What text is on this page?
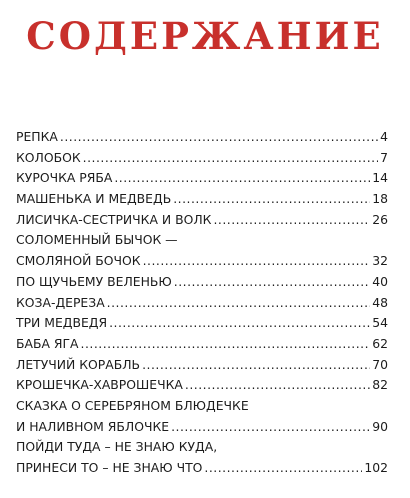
СОДЕРЖАНИЕ
РЕПКА .....	4
КОЛОБОК .....	7
КУРОЧКА РЯБА .....	14
МАШЕНЬКА И МЕДВЕДЬ .....	18
ЛИСИЧКА-СЕСТРИЧКА И ВОЛК .....	26
СОЛОМЕННЫЙ БЫЧОК —
СМОЛЯНОЙ БОЧОК .....	32
ПО ЩУЧЬЕМУ ВЕЛЕНЬЮ .....	40
КОЗА-ДЕРЕЗА .....	48
ТРИ МЕДВЕДЯ .....	54
БАБА ЯГА .....	62
ЛЕТУЧИЙ КОРАБЛЬ .....	70
КРОШЕЧКА-ХАВРОШЕЧКА .....	82
СКАЗКА О СЕРЕБРЯНОМ БЛЮДЕЧКЕ
И НАЛИВНОМ ЯБЛОЧКЕ .....	90
ПОЙДИ ТУДА – НЕ ЗНАЮ КУДА,
ПРИНЕСИ ТО – НЕ ЗНАЮ ЧТО .....	102
